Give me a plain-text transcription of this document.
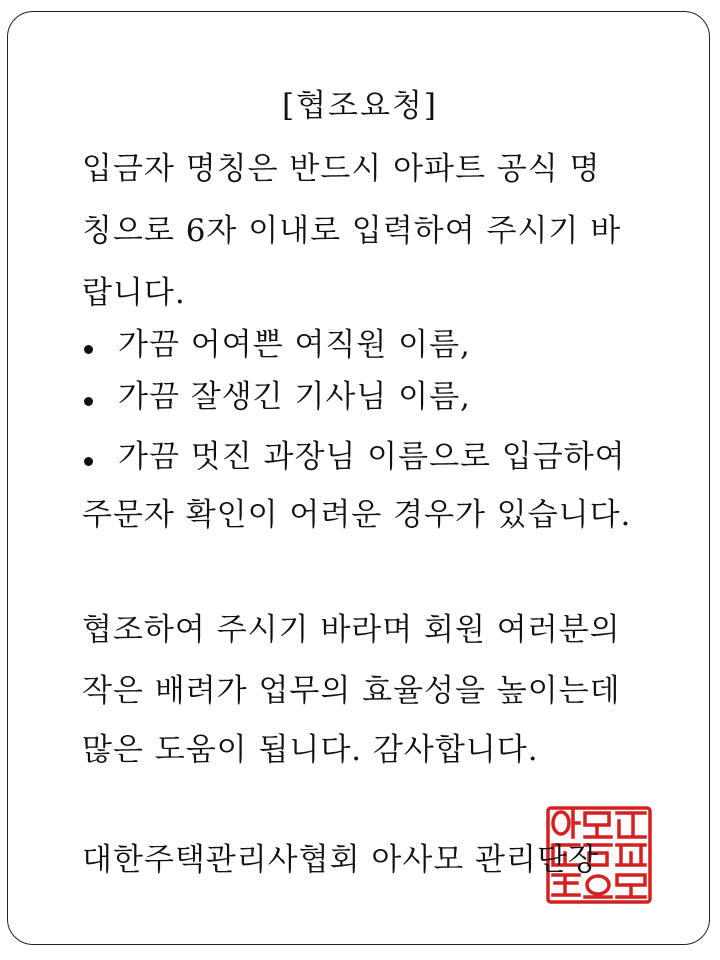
[협조요청]
입금자 명칭은 반드시 아파트 공식 명
칭으로 6자 이내로 입력하여 주시기 바
랍니다.
가끔 어여쁜 여직원 이름,
가끔 잘생긴 기사님 이름,
가끔 멋진 과장님 이름으로 입금하여
주문자 확인이 어려운 경우가 있습니다.
협조하여 주시기 바라며 회원 여러분의
작은 배려가 업무의 효율성을 높이는데
많은 도움이 됩니다. 감사합니다.
대한주택관리사협회 아사모 관리단장
